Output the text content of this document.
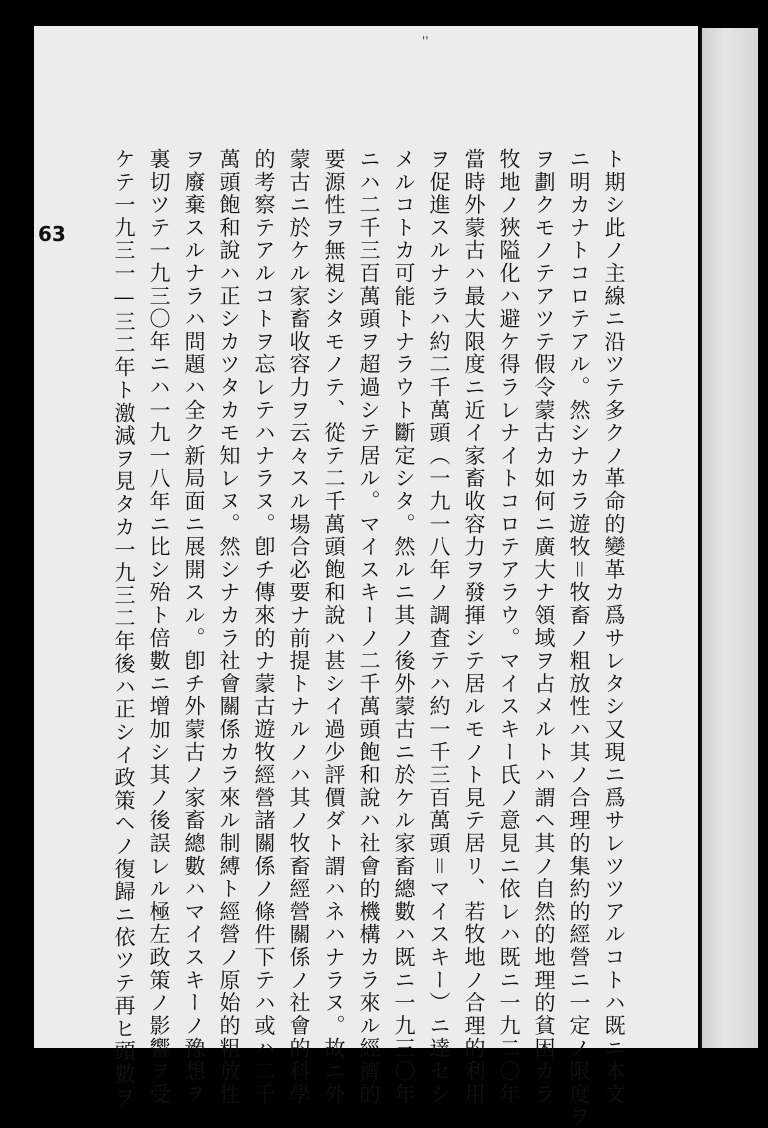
''
63	ト期シ此ノ主線ニ沿ツテ多クノ革命的變革カ爲サレタシ又現ニ爲サレツツアルコトハ既ニ本文
ニ明カナトコロテアル。然シナカラ遊牧＝牧畜ノ粗放性ハ其ノ合理的集約的經營ニ一定ノ限度ヲ
ヲ劃クモノテアツテ假令蒙古カ如何ニ廣大ナ領域ヲ占メルトハ謂ヘ其ノ自然的地理的貧困カラ
牧地ノ狹隘化ハ避ケ得ラレナイトコロテアラウ。マイスキー氏ノ意見ニ依レハ既ニ一九二〇年
當時外蒙古ハ最大限度ニ近イ家畜收容力ヲ發揮シテ居ルモノト見テ居リ、若牧地ノ合理的利用
ヲ促進スルナラハ約二千萬頭（一九一八年ノ調査テハ約一千三百萬頭＝マイスキー）ニ達セシ
メルコトカ可能トナラウト斷定シタ。然ルニ其ノ後外蒙古ニ於ケル家畜總數ハ既ニ一九三〇年
ニハ二千三百萬頭ヲ超過シテ居ル。マイスキーノ二千萬頭飽和說ハ社會的機構カラ來ル經濟的
要源性ヲ無視シタモノテ、從テ二千萬頭飽和說ハ甚シイ過少評價ダト謂ハネハナラヌ。故ニ外
蒙古ニ於ケル家畜收容力ヲ云々スル場合必要ナ前提トナルノハ其ノ牧畜經營關係ノ社會的科學
的考察テアルコトヲ忘レテハナラヌ。卽チ傳來的ナ蒙古遊牧經營諸關係ノ條件下テハ或ハ二千
萬頭飽和說ハ正シカツタカモ知レヌ。然シナカラ社會關係カラ來ル制縛ト經營ノ原始的粗放性
ヲ廢棄スルナラハ問題ハ全ク新局面ニ展開スル。卽チ外蒙古ノ家畜總數ハマイスキーノ豫想ヲ
裏切ツテ一九三〇年ニハ一九一八年ニ比シ殆ト倍數ニ增加シ其ノ後誤レル極左政策ノ影響ヲ受
ケテ一九三一—三二年ト激減ヲ見タカ一九三二年後ハ正シイ政策ヘノ復歸ニ依ツテ再ヒ頭數ヲ
